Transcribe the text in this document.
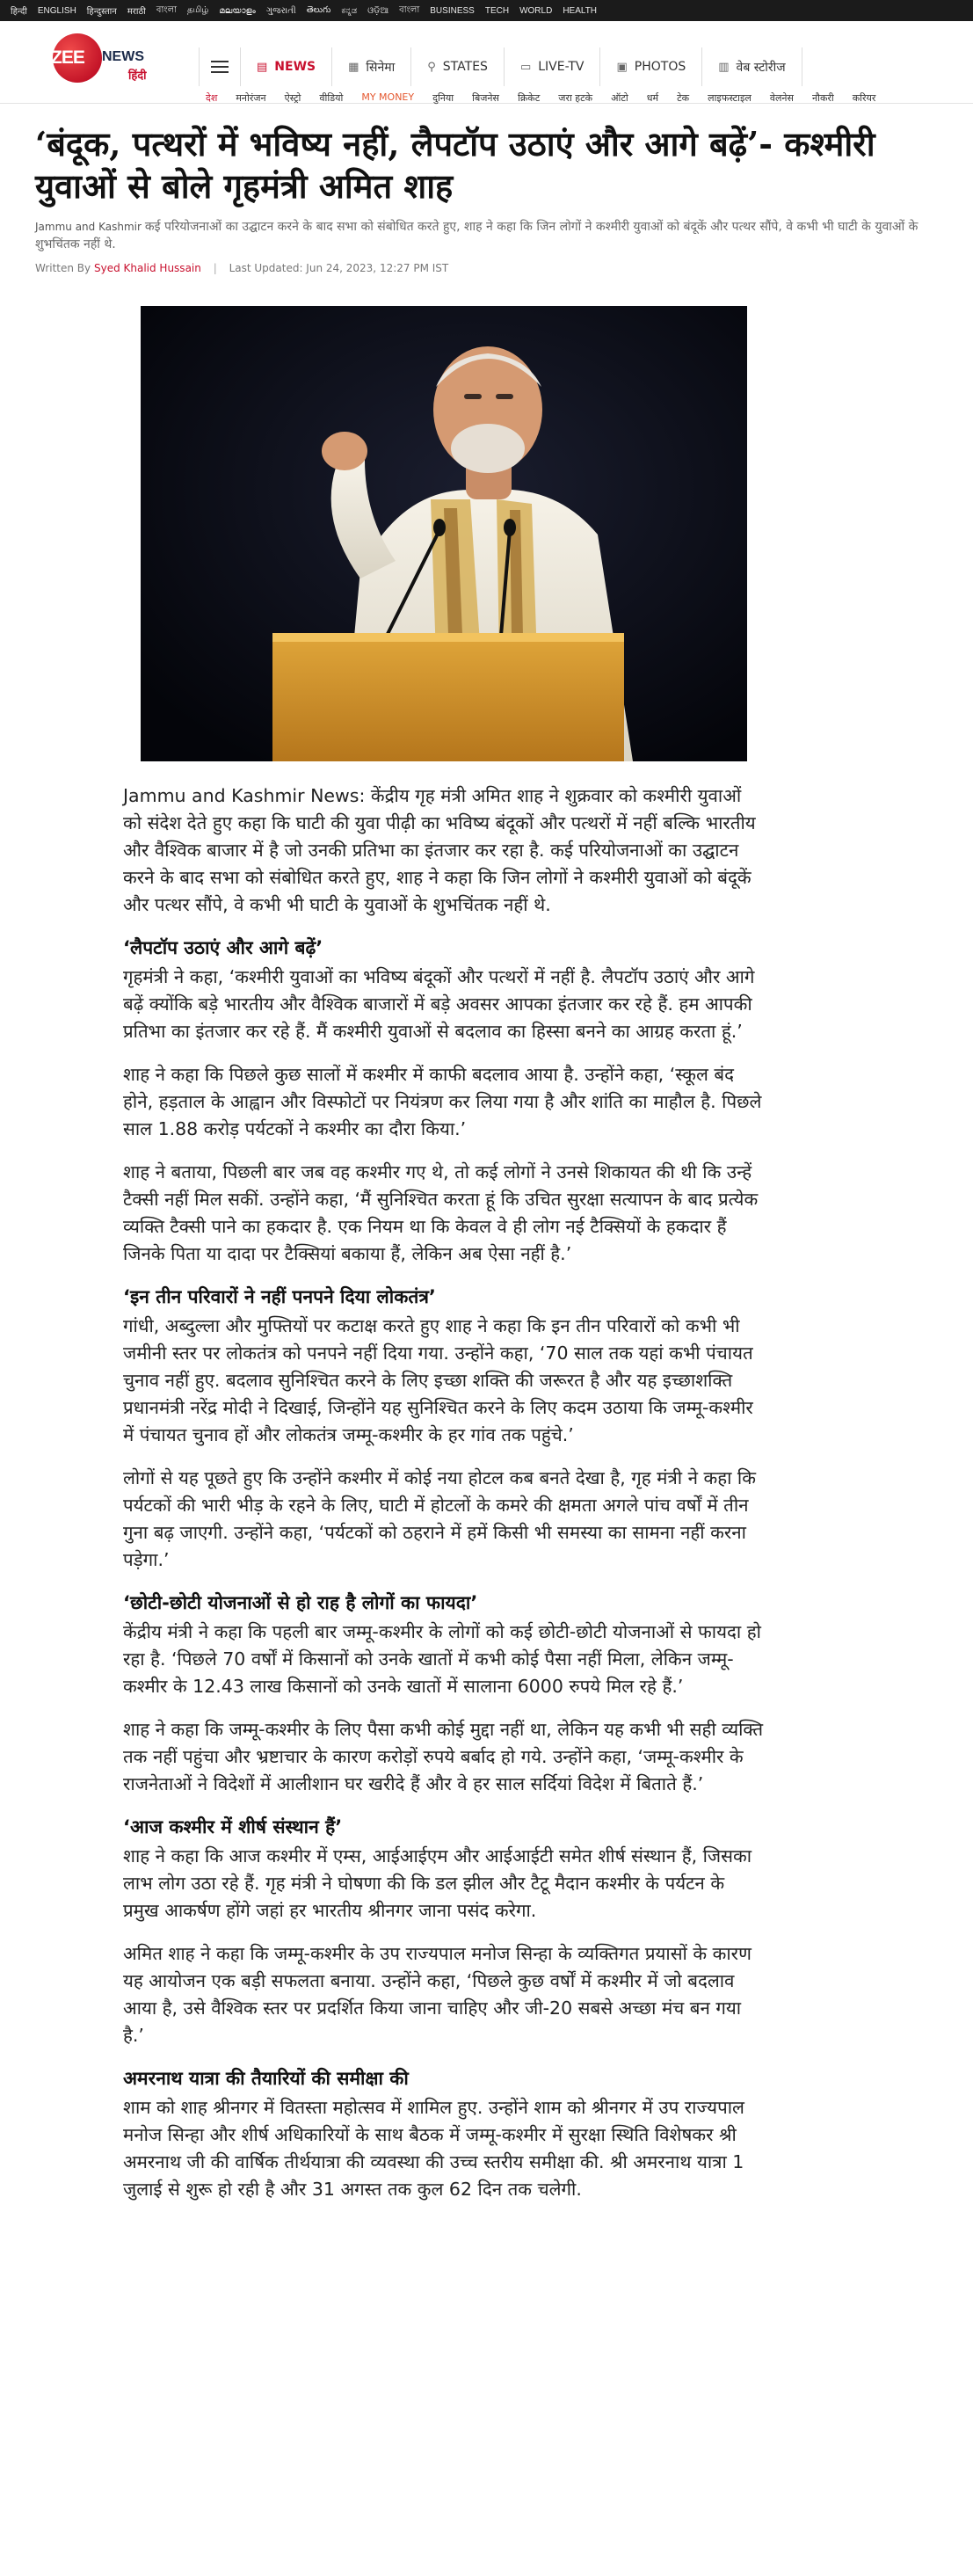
हिन्दी ENGLISH हिन्दुस्तान मराठी বাংলা தமிழ் മലയാളം ગુજરાતી తెలుగు ಕನ್ನಡ ଓଡ଼ିଆ বাংলা BUSINESS TECH WORLD HEALTH
ZEE NEWS
हिंदी
▤ NEWS	▦ सिनेमा	⚲ STATES	▭ LIVE-TV	▣ PHOTOS	▥ वेब स्टोरीज
देश मनोरंजन ऐस्ट्रो वीडियो MY MONEY दुनिया बिजनेस क्रिकेट जरा हटके ऑटो धर्म टेक लाइफस्टाइल वेलनेस नौकरी करियर
‘बंदूक, पत्थरों में भविष्य नहीं, लैपटॉप उठाएं और आगे बढ़ें’- कश्मीरी युवाओं से बोले गृहमंत्री अमित शाह
Jammu and Kashmir कई परियोजनाओं का उद्घाटन करने के बाद सभा को संबोधित करते हुए, शाह ने कहा कि जिन लोगों ने कश्मीरी युवाओं को बंदूकें और पत्थर सौंपे, वे कभी भी घाटी के युवाओं के शुभचिंतक नहीं थे.
Written By Syed Khalid Hussain | Last Updated: Jun 24, 2023, 12:27 PM IST

Jammu and Kashmir News: केंद्रीय गृह मंत्री अमित शाह ने शुक्रवार को कश्मीरी युवाओं को संदेश देते हुए कहा कि घाटी की युवा पीढ़ी का भविष्य बंदूकों और पत्थरों में नहीं बल्कि भारतीय और वैश्विक बाजार में है जो उनकी प्रतिभा का इंतजार कर रहा है. कई परियोजनाओं का उद्घाटन करने के बाद सभा को संबोधित करते हुए, शाह ने कहा कि जिन लोगों ने कश्मीरी युवाओं को बंदूकें और पत्थर सौंपे, वे कभी भी घाटी के युवाओं के शुभचिंतक नहीं थे.

‘लैपटॉप उठाएं और आगे बढ़ें’

गृहमंत्री ने कहा, ‘कश्मीरी युवाओं का भविष्य बंदूकों और पत्थरों में नहीं है. लैपटॉप उठाएं और आगे बढ़ें क्योंकि बड़े भारतीय और वैश्विक बाजारों में बड़े अवसर आपका इंतजार कर रहे हैं. हम आपकी प्रतिभा का इंतजार कर रहे हैं. मैं कश्मीरी युवाओं से बदलाव का हिस्सा बनने का आग्रह करता हूं.’

शाह ने कहा कि पिछले कुछ सालों में कश्मीर में काफी बदलाव आया है. उन्होंने कहा, ‘स्कूल बंद होने, हड़ताल के आह्वान और विस्फोटों पर नियंत्रण कर लिया गया है और शांति का माहौल है. पिछले साल 1.88 करोड़ पर्यटकों ने कश्मीर का दौरा किया.’

शाह ने बताया, पिछली बार जब वह कश्मीर गए थे, तो कई लोगों ने उनसे शिकायत की थी कि उन्हें टैक्सी नहीं मिल सकीं. उन्होंने कहा, ‘मैं सुनिश्चित करता हूं कि उचित सुरक्षा सत्यापन के बाद प्रत्येक व्यक्ति टैक्सी पाने का हकदार है. एक नियम था कि केवल वे ही लोग नई टैक्सियों के हकदार हैं जिनके पिता या दादा पर टैक्सियां बकाया हैं, लेकिन अब ऐसा नहीं है.’

‘इन तीन परिवारों ने नहीं पनपने दिया लोकतंत्र’

गांधी, अब्दुल्ला और मुफ्तियों पर कटाक्ष करते हुए शाह ने कहा कि इन तीन परिवारों को कभी भी जमीनी स्तर पर लोकतंत्र को पनपने नहीं दिया गया. उन्होंने कहा, ‘70 साल तक यहां कभी पंचायत चुनाव नहीं हुए. बदलाव सुनिश्चित करने के लिए इच्छा शक्ति की जरूरत है और यह इच्छाशक्ति प्रधानमंत्री नरेंद्र मोदी ने दिखाई, जिन्होंने यह सुनिश्चित करने के लिए कदम उठाया कि जम्मू-कश्मीर में पंचायत चुनाव हों और लोकतंत्र जम्मू-कश्मीर के हर गांव तक पहुंचे.’

लोगों से यह पूछते हुए कि उन्होंने कश्मीर में कोई नया होटल कब बनते देखा है, गृह मंत्री ने कहा कि पर्यटकों की भारी भीड़ के रहने के लिए, घाटी में होटलों के कमरे की क्षमता अगले पांच वर्षों में तीन गुना बढ़ जाएगी. उन्होंने कहा, ‘पर्यटकों को ठहराने में हमें किसी भी समस्या का सामना नहीं करना पड़ेगा.’

‘छोटी-छोटी योजनाओं से हो राह है लोगों का फायदा’

केंद्रीय मंत्री ने कहा कि पहली बार जम्मू-कश्मीर के लोगों को कई छोटी-छोटी योजनाओं से फायदा हो रहा है. ‘पिछले 70 वर्षों में किसानों को उनके खातों में कभी कोई पैसा नहीं मिला, लेकिन जम्मू-कश्मीर के 12.43 लाख किसानों को उनके खातों में सालाना 6000 रुपये मिल रहे हैं.’

शाह ने कहा कि जम्मू-कश्मीर के लिए पैसा कभी कोई मुद्दा नहीं था, लेकिन यह कभी भी सही व्यक्ति तक नहीं पहुंचा और भ्रष्टाचार के कारण करोड़ों रुपये बर्बाद हो गये. उन्होंने कहा, ‘जम्मू-कश्मीर के राजनेताओं ने विदेशों में आलीशान घर खरीदे हैं और वे हर साल सर्दियां विदेश में बिताते हैं.’

‘आज कश्मीर में शीर्ष संस्थान हैं’

शाह ने कहा कि आज कश्मीर में एम्स, आईआईएम और आईआईटी समेत शीर्ष संस्थान हैं, जिसका लाभ लोग उठा रहे हैं. गृह मंत्री ने घोषणा की कि डल झील और टैटू मैदान कश्मीर के पर्यटन के प्रमुख आकर्षण होंगे जहां हर भारतीय श्रीनगर जाना पसंद करेगा.

अमित शाह ने कहा कि जम्मू-कश्मीर के उप राज्यपाल मनोज सिन्हा के व्यक्तिगत प्रयासों के कारण यह आयोजन एक बड़ी सफलता बनाया. उन्होंने कहा, ‘पिछले कुछ वर्षों में कश्मीर में जो बदलाव आया है, उसे वैश्विक स्तर पर प्रदर्शित किया जाना चाहिए और जी-20 सबसे अच्छा मंच बन गया है.’

अमरनाथ यात्रा की तैयारियों की समीक्षा की

शाम को शाह श्रीनगर में वितस्ता महोत्सव में शामिल हुए. उन्होंने शाम को श्रीनगर में उप राज्यपाल मनोज सिन्हा और शीर्ष अधिकारियों के साथ बैठक में जम्मू-कश्मीर में सुरक्षा स्थिति विशेषकर श्री अमरनाथ जी की वार्षिक तीर्थयात्रा की व्यवस्था की उच्च स्तरीय समीक्षा की. श्री अमरनाथ यात्रा 1 जुलाई से शुरू हो रही है और 31 अगस्त तक कुल 62 दिन तक चलेगी.
